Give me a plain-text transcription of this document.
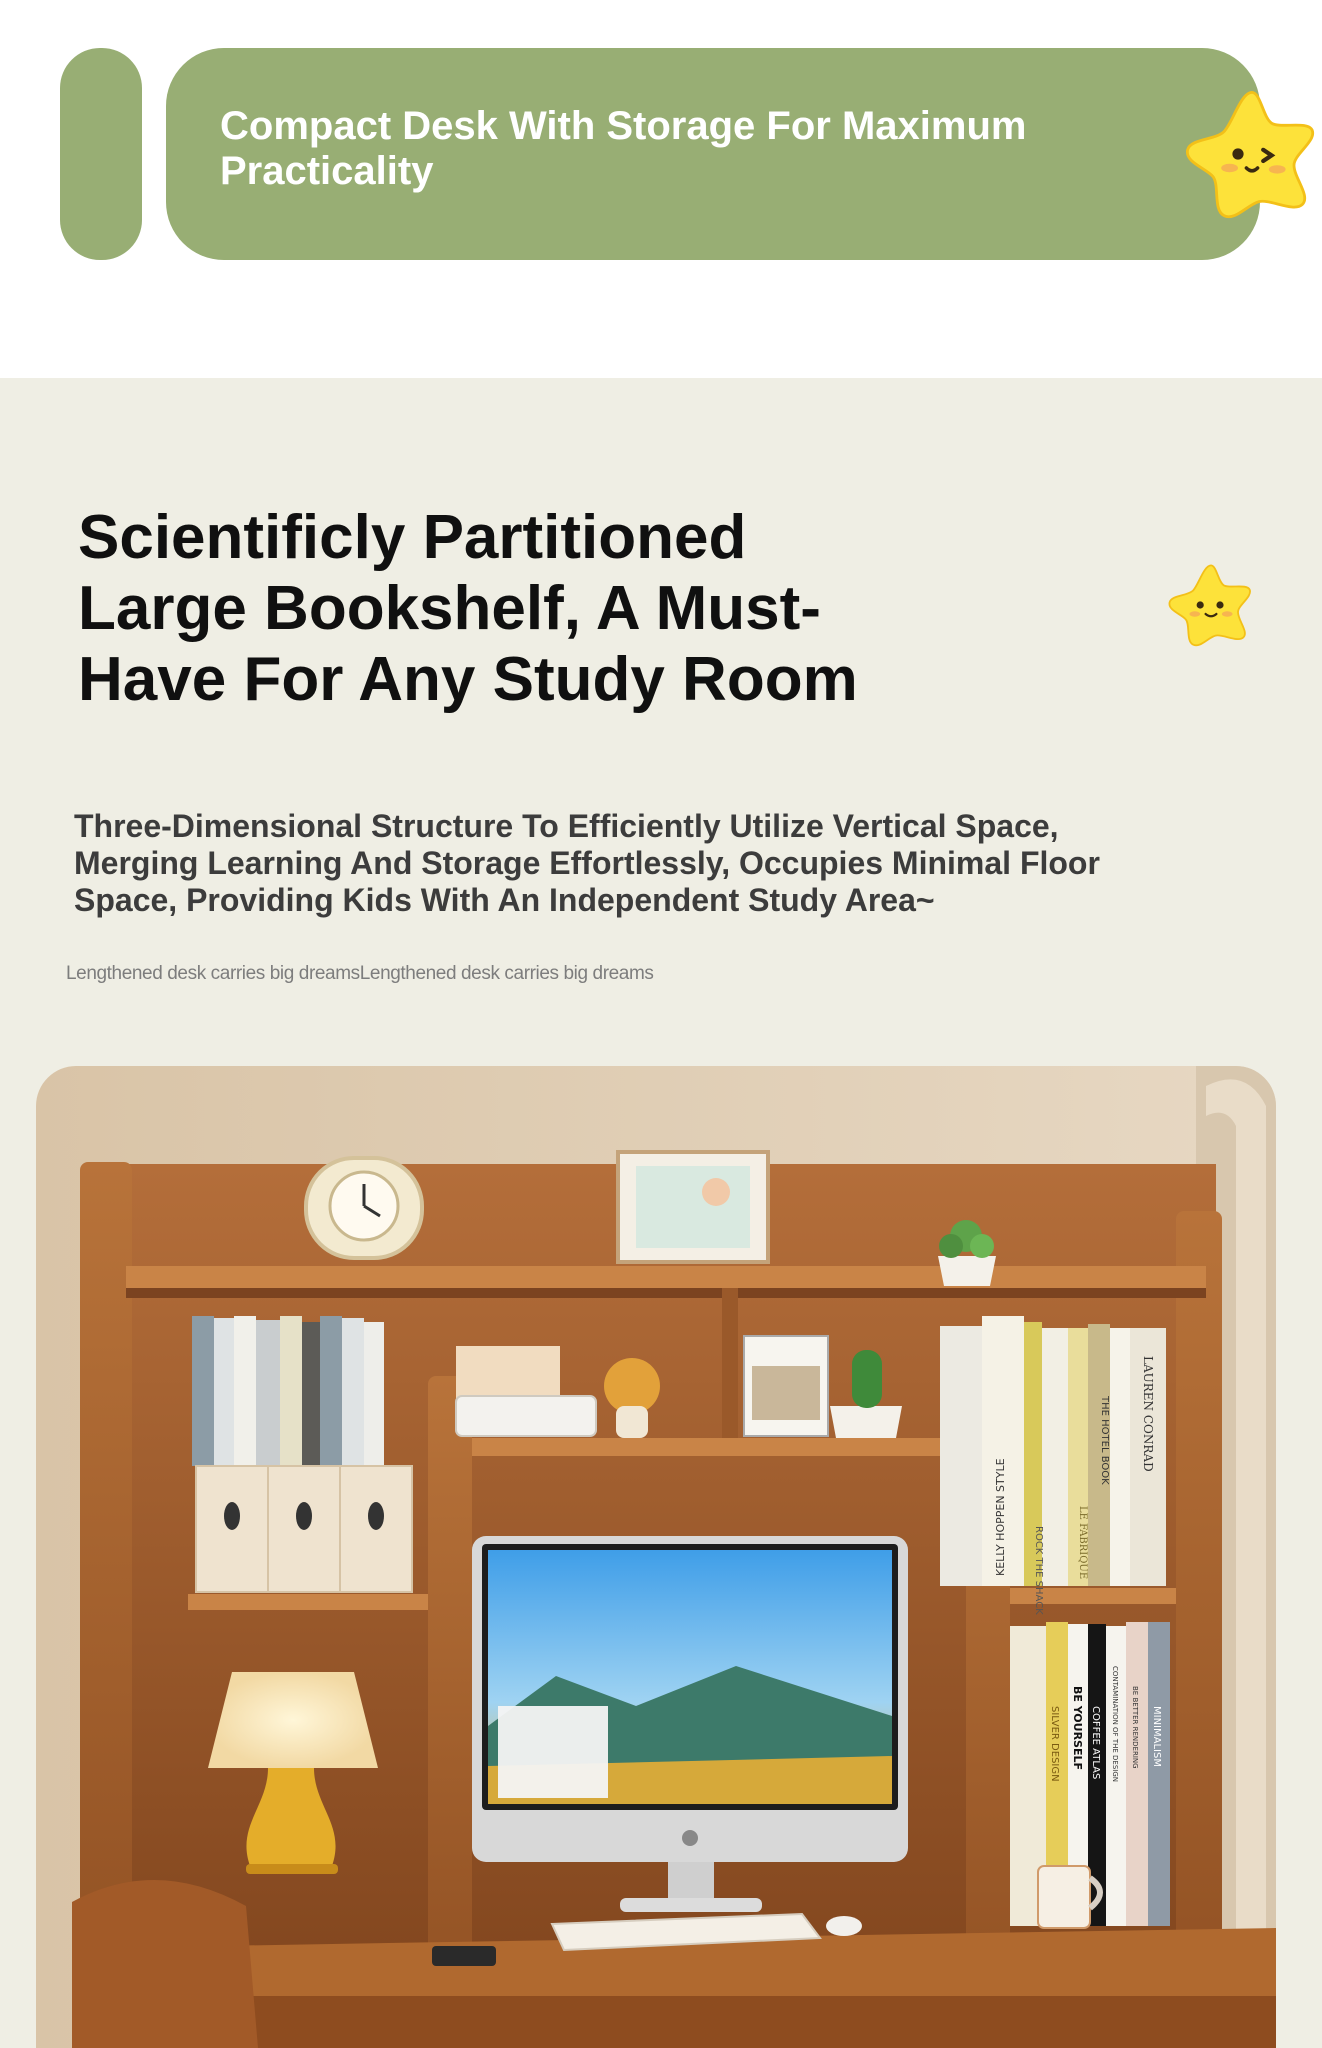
Compact Desk With Storage For Maximum Practicality
Scientificly Partitioned Large Bookshelf, A Must-Have For Any Study Room
Three-Dimensional Structure To Efficiently Utilize Vertical Space, Merging Learning And Storage Effortlessly, Occupies Minimal Floor Space, Providing Kids With An Independent Study Area~
Lengthened desk carries big dreamsLengthened desk carries big dreams
KELLY HOPPEN STYLE	ROCK THE SHACK	LE FABRIQUE
THE HOTEL BOOK	LAUREN CONRAD
SILVER DESIGN BE YOURSELF COFFEE ATLAS CONTAMINATION OF THE DESIGN BE BETTER RENDERING MINIMALISM
